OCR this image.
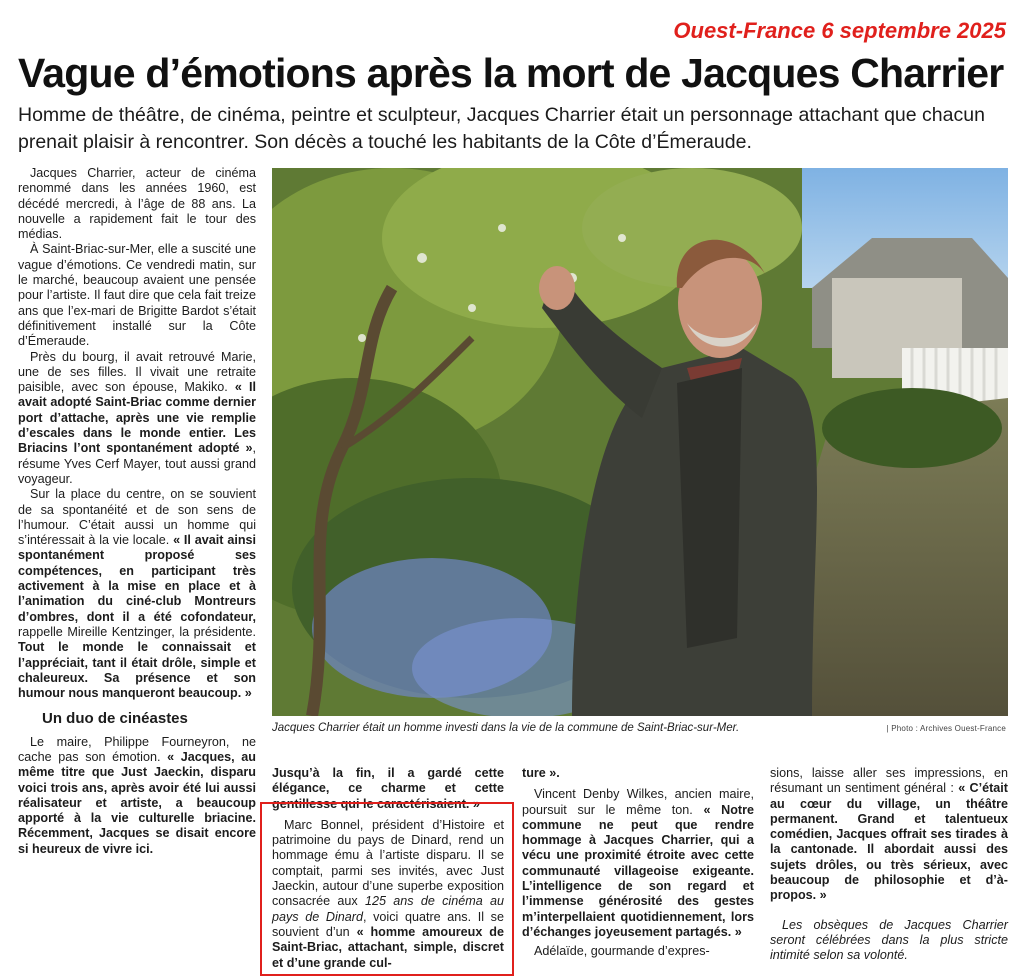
Ouest-France 6 septembre 2025
Vague d’émotions après la mort de Jacques Charrier

Homme de théâtre, de cinéma, peintre et sculpteur, Jacques Charrier était un personnage attachant que chacun prenait plaisir à rencontrer. Son décès a touché les habitants de la Côte d’Émeraude.

Jacques Charrier, acteur de cinéma renommé dans les années 1960, est décédé mercredi, à l’âge de 88 ans. La nouvelle a rapidement fait le tour des médias.

À Saint-Briac-sur-Mer, elle a suscité une vague d’émotions. Ce vendredi matin, sur le marché, beaucoup avaient une pensée pour l’artiste. Il faut dire que cela fait treize ans que l’ex-mari de Brigitte Bardot s’était définitivement installé sur la Côte d’Émeraude.

Près du bourg, il avait retrouvé Marie, une de ses filles. Il vivait une retraite paisible, avec son épouse, Makiko. « Il avait adopté Saint-Briac comme dernier port d’attache, après une vie remplie d’escales dans le monde entier. Les Briacins l’ont spontanément adopté », résume Yves Cerf Mayer, tout aussi grand voyageur.

Sur la place du centre, on se souvient de sa spontanéité et de son sens de l’humour. C’était aussi un homme qui s’intéressait à la vie locale. « Il avait ainsi spontanément proposé ses compétences, en participant très activement à la mise en place et à l’animation du ciné-club Montreurs d’ombres, dont il a été cofondateur, rappelle Mireille Kentzinger, la présidente. Tout le monde le connaissait et l’appréciait, tant il était drôle, simple et chaleureux. Sa présence et son humour nous manqueront beaucoup. »

Un duo de cinéastes

Le maire, Philippe Fourneyron, ne cache pas son émotion. « Jacques, au même titre que Just Jaeckin, disparu voici trois ans, après avoir été lui aussi réalisateur et artiste, a beaucoup apporté à la vie culturelle briacine. Récemment, Jacques se disait encore si heureux de vivre ici.

Jacques Charrier était un homme investi dans la vie de la commune de Saint-Briac-sur-Mer.	| Photo : Archives Ouest-France

Jusqu’à la fin, il a gardé cette élégance, ce charme et cette gentillesse qui le caractérisaient. »

Marc Bonnel, président d’Histoire et patrimoine du pays de Dinard, rend un hommage ému à l’artiste disparu. Il se comptait, parmi ses invités, avec Just Jaeckin, autour d’une superbe exposition consacrée aux 125 ans de cinéma au pays de Dinard, voici quatre ans. Il se souvient d’un « homme amoureux de Saint-Briac, attachant, simple, discret et d’une grande cul-

ture ».

Vincent Denby Wilkes, ancien maire, poursuit sur le même ton. « Notre commune ne peut que rendre hommage à Jacques Charrier, qui a vécu une proximité étroite avec cette communauté villageoise exigeante. L’intelligence de son regard et l’immense générosité des gestes m’interpellaient quotidiennement, lors d’échanges joyeusement partagés. »

Adélaïde, gourmande d’expres-

sions, laisse aller ses impressions, en résumant un sentiment général : « C’était au cœur du village, un théâtre permanent. Grand et talentueux comédien, Jacques offrait ses tirades à la cantonade. Il abordait aussi des sujets drôles, ou très sérieux, avec beaucoup de philosophie et d’à-propos. »

Les obsèques de Jacques Charrier seront célébrées dans la plus stricte intimité selon sa volonté.
